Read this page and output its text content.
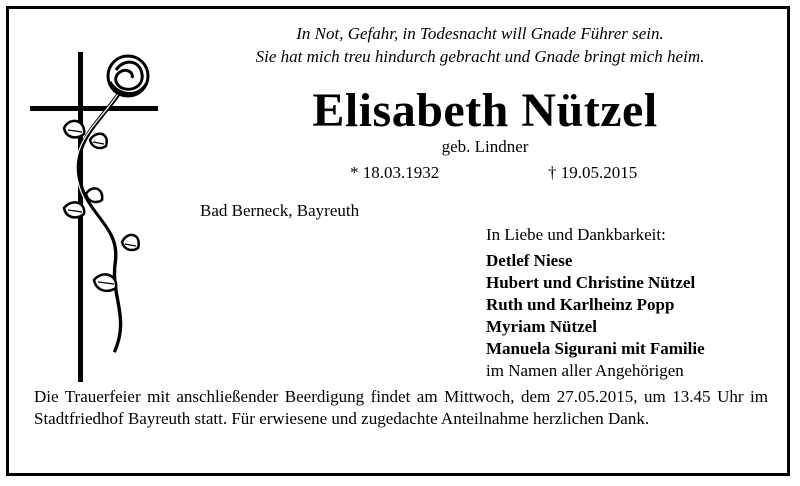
In Not, Gefahr, in Todesnacht will Gnade Führer sein.
Sie hat mich treu hindurch gebracht und Gnade bringt mich heim.
Elisabeth Nützel
geb. Lindner
* 18.03.1932	† 19.05.2015
Bad Berneck, Bayreuth
In Liebe und Dankbarkeit:
Detlef Niese
Hubert und Christine Nützel
Ruth und Karlheinz Popp
Myriam Nützel
Manuela Sigurani mit Familie
im Namen aller Angehörigen
Die Trauerfeier mit anschließender Beerdigung findet am Mittwoch, dem 27.05.2015, um 13.45 Uhr im Stadtfriedhof Bayreuth statt. Für erwiesene und zugedachte Anteilnahme herzlichen Dank.
